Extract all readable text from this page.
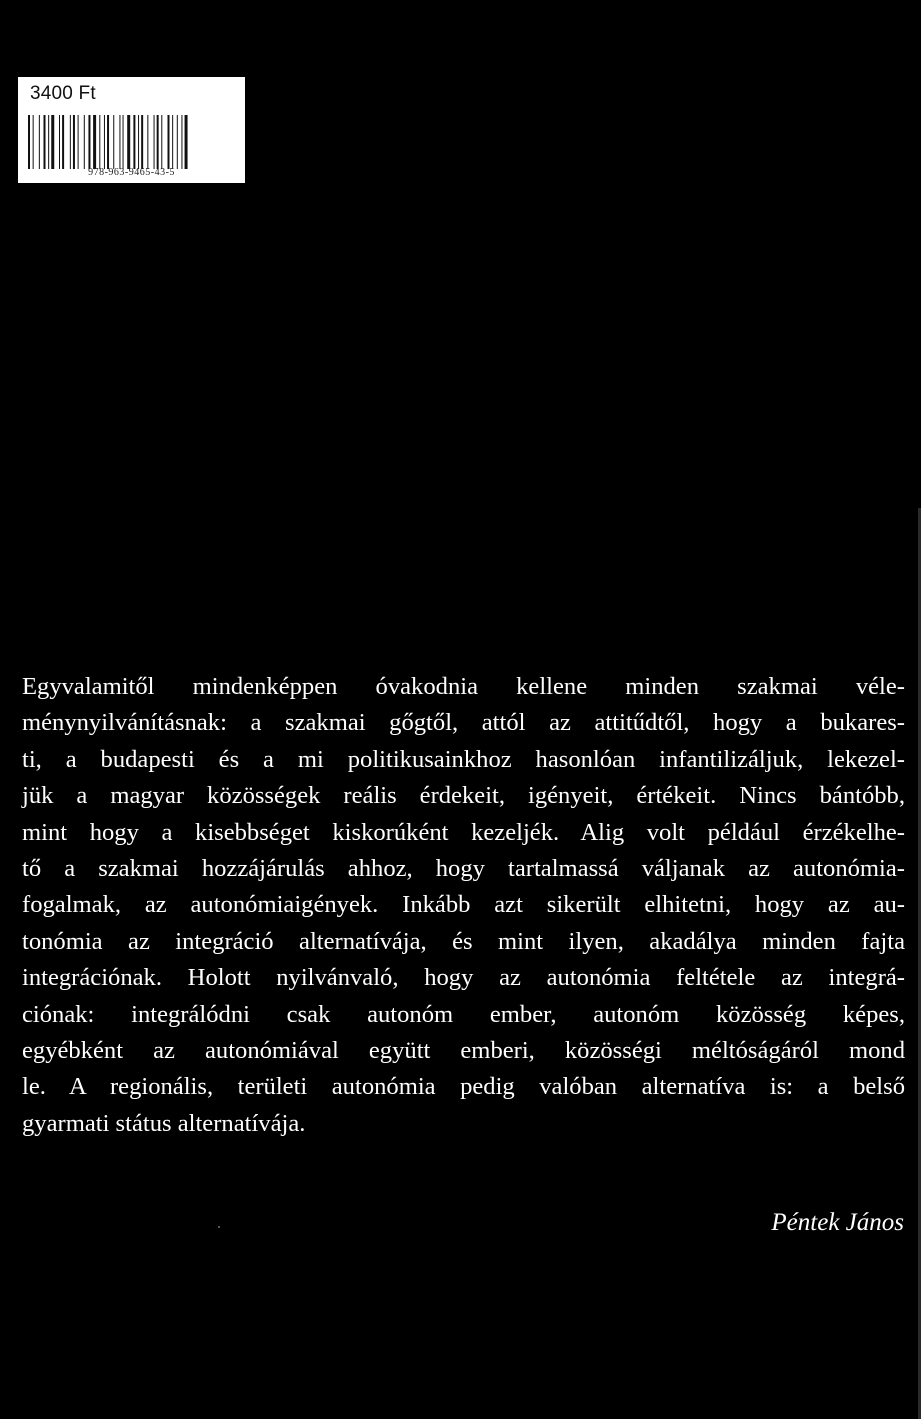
3400 Ft
978-963-9465-43-5
Egyvalamitől mindenképpen óvakodnia kellene minden szakmai véle-
ménynyilvánításnak: a szakmai gőgtől, attól az attitűdtől, hogy a bukares-
ti, a budapesti és a mi politikusainkhoz hasonlóan infantilizáljuk, lekezel-
jük a magyar közösségek reális érdekeit, igényeit, értékeit. Nincs bántóbb,
mint hogy a kisebbséget kiskorúként kezeljék. Alig volt például érzékelhe-
tő a szakmai hozzájárulás ahhoz, hogy tartalmassá váljanak az autonómia-
fogalmak, az autonómiaigények. Inkább azt sikerült elhitetni, hogy az au-
tonómia az integráció alternatívája, és mint ilyen, akadálya minden fajta
integrációnak. Holott nyilvánvaló, hogy az autonómia feltétele az integrá-
ciónak: integrálódni csak autonóm ember, autonóm közösség képes,
egyébként az autonómiával együtt emberi, közösségi méltóságáról mond
le. A regionális, területi autonómia pedig valóban alternatíva is: a belső
gyarmati státus alternatívája.
Péntek János
